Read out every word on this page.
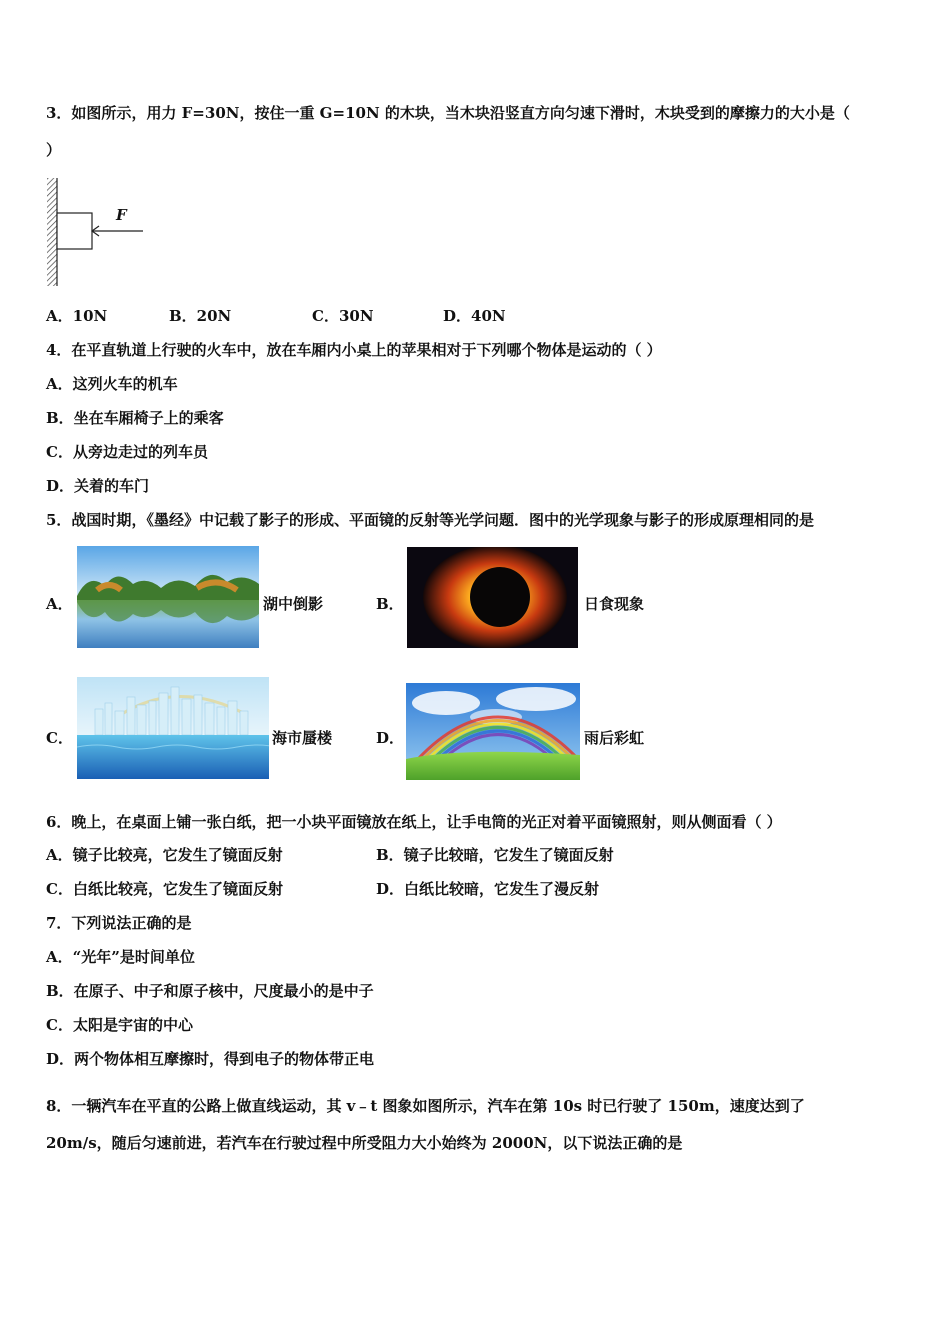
3．如图所示，用力 F=30N，按住一重 G=10N 的木块，当木块沿竖直方向匀速下滑时，木块受到的摩擦力的大小是（
）
F
A．10N	B．20N	C．30N	D．40N
4．在平直轨道上行驶的火车中，放在车厢内小桌上的苹果相对于下列哪个物体是运动的（ ）
A．这列火车的机车
B．坐在车厢椅子上的乘客
C．从旁边走过的列车员
D．关着的车门
5．战国时期，《墨经》中记载了影子的形成、平面镜的反射等光学问题．图中的光学现象与影子的形成原理相同的是
A．	湖中倒影	B．	日食现象
C．	海市蜃楼	D．	雨后彩虹
6．晚上，在桌面上铺一张白纸，把一小块平面镜放在纸上，让手电筒的光正对着平面镜照射，则从侧面看（ ）
A．镜子比较亮，它发生了镜面反射	B．镜子比较暗，它发生了镜面反射
C．白纸比较亮，它发生了镜面反射	D．白纸比较暗，它发生了漫反射
7．下列说法正确的是
A．“光年”是时间单位
B．在原子、中子和原子核中，尺度最小的是中子
C．太阳是宇宙的中心
D．两个物体相互摩擦时，得到电子的物体带正电
8．一辆汽车在平直的公路上做直线运动，其 v﹣t 图象如图所示，汽车在第 10s 时已行驶了 150m，速度达到了
20m/s，随后匀速前进，若汽车在行驶过程中所受阻力大小始终为 2000N，以下说法正确的是
